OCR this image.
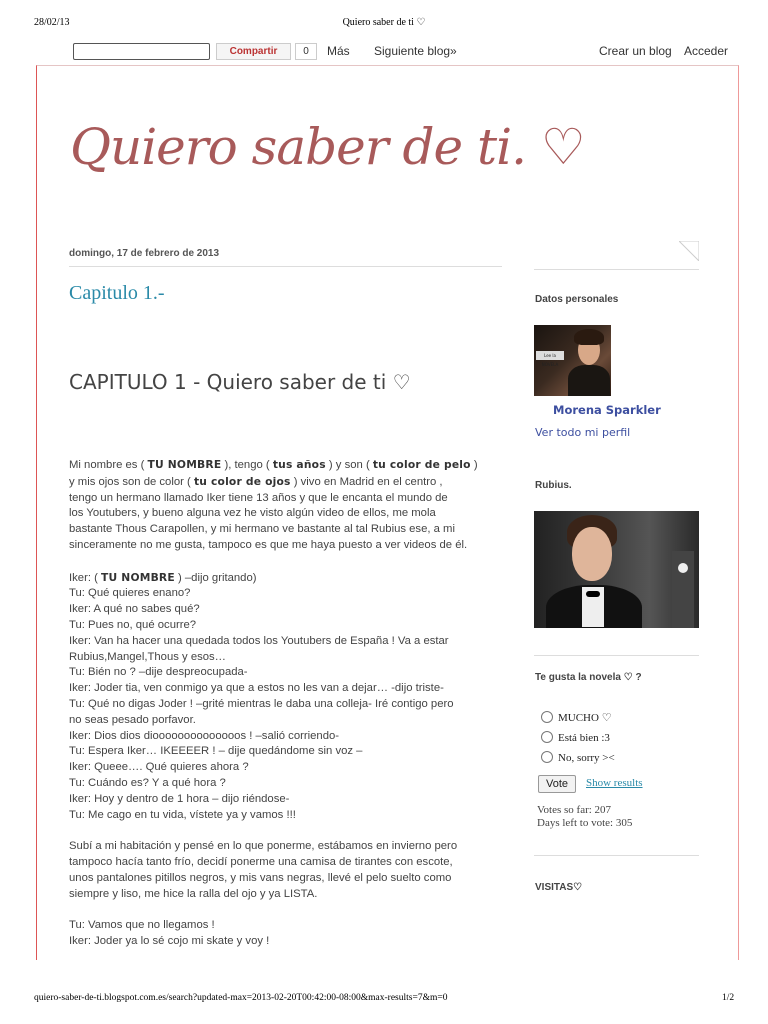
28/02/13	Quiero saber de ti ♡
Compartir	0	Más Siguiente blog»	Crear un blog Acceder
Quiero saber de ti. ♡
domingo, 17 de febrero de 2013
Capitulo 1.-
CAPITULO 1 - Quiero saber de ti ♡

Mi nombre es ( TU NOMBRE ), tengo ( tus años ) y son ( tu color de pelo )
y mis ojos son de color ( tu color de ojos ) vivo en Madrid en el centro ,
tengo un hermano llamado Iker tiene 13 años y que le encanta el mundo de
los Youtubers, y bueno alguna vez he visto algún video de ellos, me mola
bastante Thous Carapollen, y mi hermano ve bastante al tal Rubius ese, a mi
sinceramente no me gusta, tampoco es que me haya puesto a ver videos de él.

Iker: ( TU NOMBRE ) –dijo gritando)
Tu: Qué quieres enano?
Iker: A qué no sabes qué?
Tu: Pues no, qué ocurre?
Iker: Van ha hacer una quedada todos los Youtubers de España ! Va a estar
Rubius,Mangel,Thous y esos…
Tu: Bién no ? –dije despreocupada-
Iker: Joder tia, ven conmigo ya que a estos no les van a dejar… -dijo triste-
Tu: Qué no digas Joder ! –grité mientras le daba una colleja- Iré contigo pero
no seas pesado porfavor.
Iker: Dios dios dioooooooooooooos ! –salió corriendo-
Tu: Espera Iker… IKEEEER ! – dije quedándome sin voz –
Iker: Queee…. Qué quieres ahora ?
Tu: Cuándo es? Y a qué hora ?
Iker: Hoy y dentro de 1 hora – dijo riéndose-
Tu: Me cago en tu vida, vístete ya y vamos !!!

Subí a mi habitación y pensé en lo que ponerme, estábamos en invierno pero
tampoco hacía tanto frío, decidí ponerme una camisa de tirantes con escote,
unos pantalones pitillos negros, y mis vans negras, llevé el pelo suelto como
siempre y liso, me hice la ralla del ojo y ya LISTA.

Tu: Vamos que no llegamos !
Iker: Joder ya lo sé cojo mi skate y voy !

Datos personales
Lee la NOVELA
Morena Sparkler
Ver todo mi perfil
Rubius.
Te gusta la novela ♡ ?
MUCHO ♡
Está bien :3
No, sorry ><
Vote	Show results
Votes so far: 207
Days left to vote: 305
VISITAS♡
quiero-saber-de-ti.blogspot.com.es/search?updated-max=2013-02-20T00:42:00-08:00&max-results=7&m=0	1/2
